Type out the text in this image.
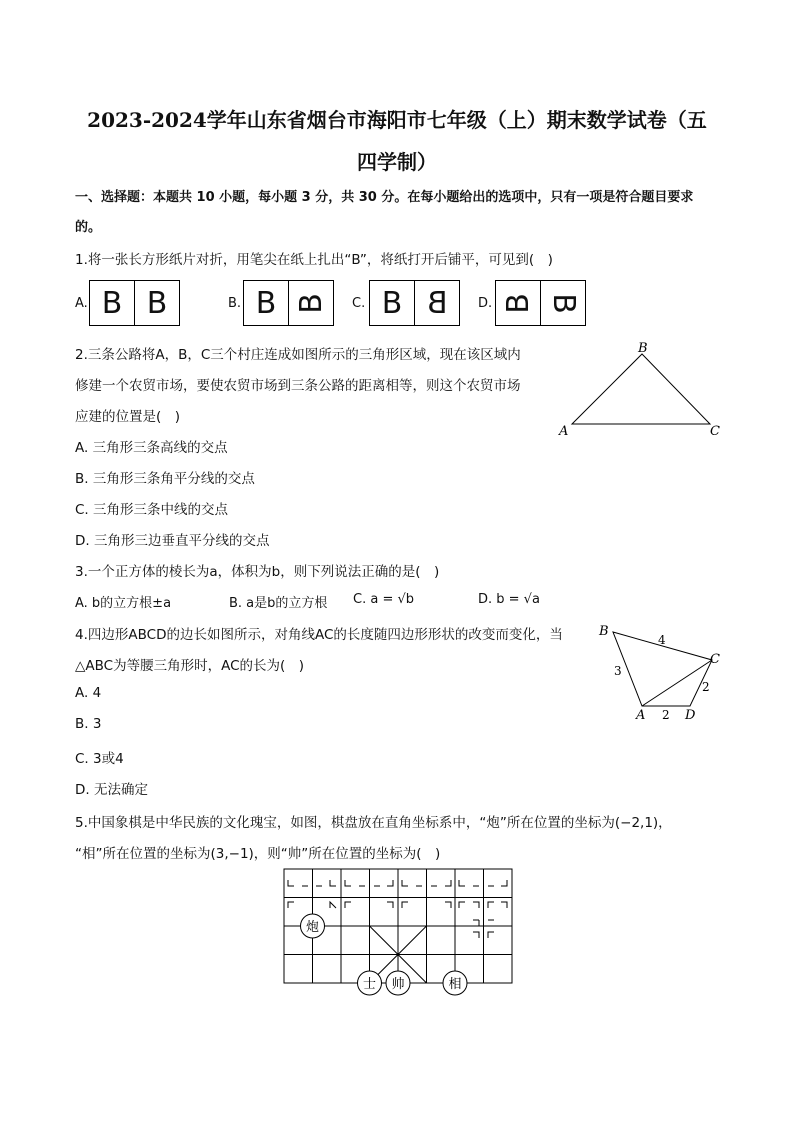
2023-2024学年山东省烟台市海阳市七年级（上）期末数学试卷（五
四学制）
一、选择题：本题共 10 小题，每小题 3 分，共 30 分。在每小题给出的选项中，只有一项是符合题目要求
的。
1.将一张长方形纸片对折，用笔尖在纸上扎出“B”，将纸打开后铺平，可见到(　)
A. B B	B. B B C. B B D. B B
2.三条公路将A，B，C三个村庄连成如图所示的三角形区域，现在该区域内
修建一个农贸市场，要使农贸市场到三条公路的距离相等，则这个农贸市场
应建的位置是(　)
A. 三角形三条高线的交点
B. 三角形三条角平分线的交点
C. 三角形三条中线的交点
D. 三角形三边垂直平分线的交点
B
A	C
3.一个正方体的棱长为a，体积为b，则下列说法正确的是(　)
A. b的立方根±a	B. a是b的立方根 C. a = √b	D. b = √a
4.四边形ABCD的边长如图所示，对角线AC的长度随四边形形状的改变而变化，当
△ABC为等腰三角形时，AC的长为(　)
A. 4
B. 3
C. 3或4
D. 无法确定
B
C
A	D
4
3
2
2
5.中国象棋是中华民族的文化瑰宝，如图，棋盘放在直角坐标系中，“炮”所在位置的坐标为(−2,1)，
“相”所在位置的坐标为(3,−1)，则“帅”所在位置的坐标为(　)
炮
士 帅	相
